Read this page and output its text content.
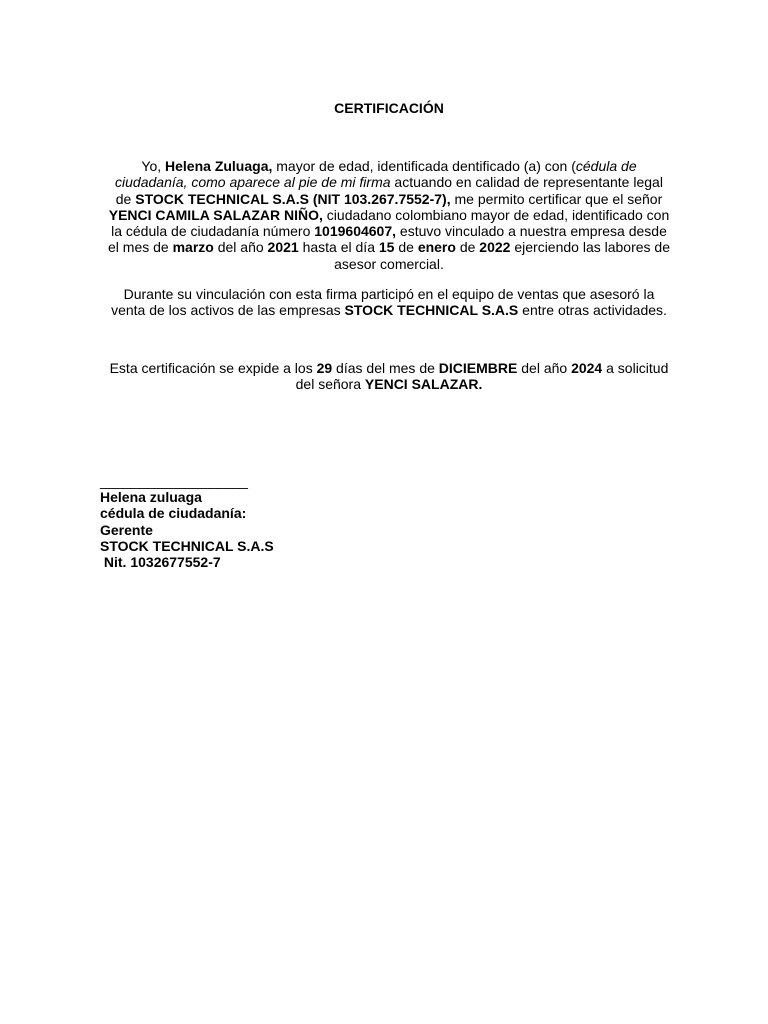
CERTIFICACIÓN
Yo, Helena Zuluaga, mayor de edad, identificada dentificado (a) con (cédula de ciudadanía, como aparece al pie de mi firma actuando en calidad de representante legal de STOCK TECHNICAL S.A.S (NIT 103.267.7552-7), me permito certificar que el señor YENCI CAMILA SALAZAR NIÑO, ciudadano colombiano mayor de edad, identificado con la cédula de ciudadanía número 1019604607, estuvo vinculado a nuestra empresa desde el mes de marzo del año 2021 hasta el día 15 de enero de 2022 ejerciendo las labores de asesor comercial.
Durante su vinculación con esta firma participó en el equipo de ventas que asesoró la venta de los activos de las empresas STOCK TECHNICAL S.A.S entre otras actividades.
Esta certificación se expide a los 29 días del mes de DICIEMBRE del año 2024 a solicitud del señora YENCI SALAZAR.
___________________
Helena zuluaga
cédula de ciudadanía:
Gerente
STOCK TECHNICAL S.A.S
Nit. 1032677552-7
